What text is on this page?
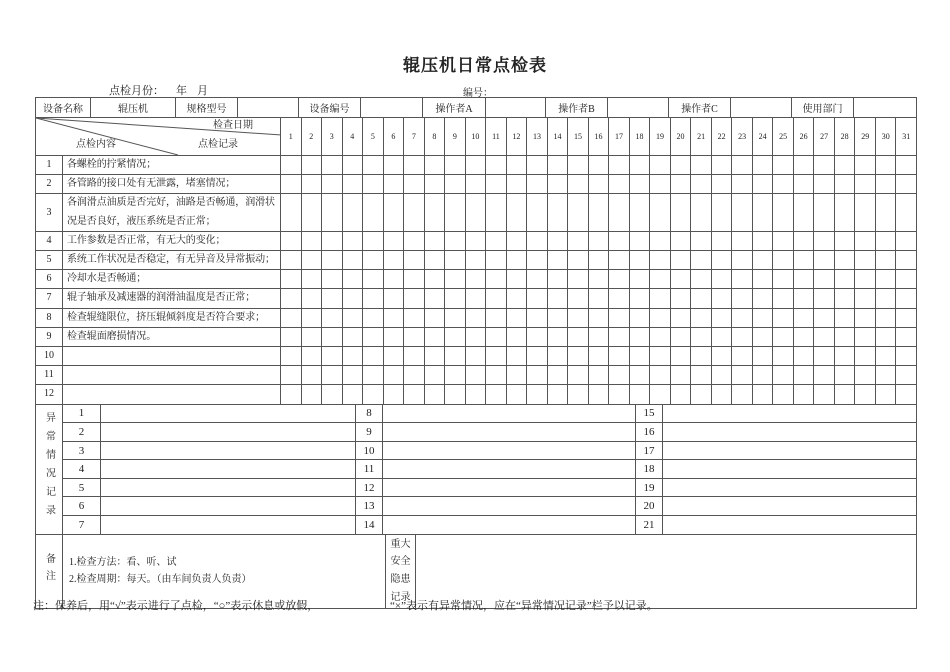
辊压机日常点检表
点检月份： 年 月	编号：
设备名称	辊压机	规格型号		设备编号		操作者A		操作者B		操作者C		使用部门	
检查日期
点检内容 点检记录		1	2	3	4	5	6	7	8	9	10	11	12	13	14	15	16	17	18	19	20	21	22	23	24	25	26	27	28	29	30	31
1	各螺栓的拧紧情况；																															
2	各管路的接口处有无泄露，堵塞情况；																															
3	各润滑点油质是否完好，油路是否畅通，润滑状况是否良好，液压系统是否正常；																															
4	工作参数是否正常，有无大的变化；																															
5	系统工作状况是否稳定，有无异音及异常振动；																															
6	冷却水是否畅通；																															
7	辊子轴承及减速器的润滑油温度是否正常；																															
8	检查辊缝限位，挤压辊倾斜度是否符合要求；																															
9	检查辊面磨损情况。																															
10																																
11																																
12																																
异常情况记录	1		8		15	
	2		9		16	
	3		10		17	
	4		11		18	
	5		12		19	
	6		13		20	
	7		14		21	
备注	1.检查方法：看、听、试
2.检查周期：每天。（由车间负责人负责）
	重大安全隐患记录	
注：保养后，用“√”表示进行了点检，“○”表示休息或放假，	“×”表示有异常情况，应在“异常情况记录”栏予以记录。
